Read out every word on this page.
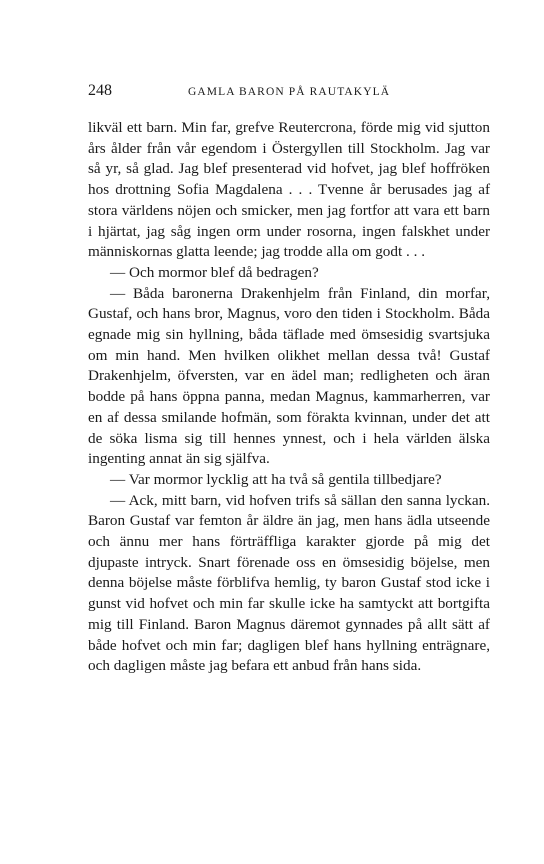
248	GAMLA BARON PÅ RAUTAKYLÄ

likväl ett barn. Min far, grefve Reutercrona, förde mig vid sjutton års ålder från vår egendom i Östergyllen till Stockholm. Jag var så yr, så glad. Jag blef presenterad vid hofvet, jag blef hoffröken hos drottning Sofia Magdalena . . . Tvenne år berusades jag af stora världens nöjen och smicker, men jag fortfor att vara ett barn i hjärtat, jag såg ingen orm under rosorna, ingen falskhet under människornas glatta leende; jag trodde alla om godt . . .

— Och mormor blef då bedragen?

— Båda baronerna Drakenhjelm från Finland, din morfar, Gustaf, och hans bror, Magnus, voro den tiden i Stockholm. Båda egnade mig sin hyllning, båda täflade med ömsesidig svartsjuka om min hand. Men hvilken olikhet mellan dessa två! Gustaf Drakenhjelm, öfversten, var en ädel man; redligheten och äran bodde på hans öppna panna, medan Magnus, kammarherren, var en af dessa smilande hofmän, som förakta kvinnan, under det att de söka lisma sig till hennes ynnest, och i hela världen älska ingenting annat än sig själfva.

— Var mormor lycklig att ha två så gentila tillbedjare?

— Ack, mitt barn, vid hofven trifs så sällan den sanna lyckan. Baron Gustaf var femton år äldre än jag, men hans ädla utseende och ännu mer hans förträffliga karakter gjorde på mig det djupaste intryck. Snart förenade oss en ömsesidig böjelse, men denna böjelse måste förblifva hemlig, ty baron Gustaf stod icke i gunst vid hofvet och min far skulle icke ha samtyckt att bortgifta mig till Finland. Baron Magnus däremot gynnades på allt sätt af både hofvet och min far; dagligen blef hans hyllning enträgnare, och dagligen måste jag befara ett anbud från hans sida.
